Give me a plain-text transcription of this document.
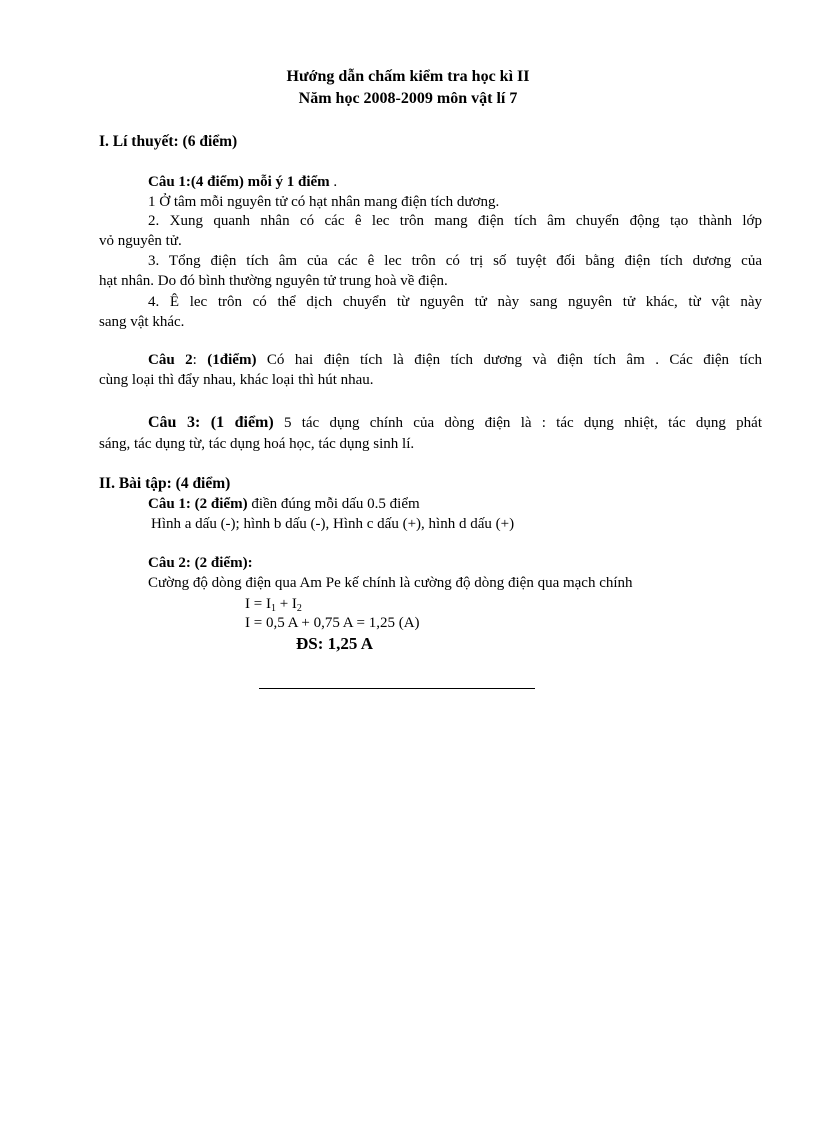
Hướng dẫn chấm kiểm tra học kì II
Năm học 2008-2009 môn vật lí 7
I. Lí thuyết: (6 điểm)
Câu 1:(4 điểm) mỗi ý 1 điểm .
1 Ở tâm mỗi nguyên tử có hạt nhân mang điện tích dương.
2. Xung quanh nhân có các ê lec trôn mang điện tích âm chuyển động tạo thành lớp
vỏ nguyên tử.
3. Tổng điện tích âm của các ê lec trôn có trị số tuyệt đối bằng điện tích dương của
hạt nhân. Do đó bình thường nguyên tử trung hoà về điện.
4. Ê lec trôn có thể dịch chuyển từ nguyên tử này sang nguyên tử khác, từ vật này
sang vật khác.
Câu 2: (1điểm) Có hai điện tích là điện tích dương và điện tích âm . Các điện tích
cùng loại thì đẩy nhau, khác loại thì hút nhau.
Câu 3: (1 điểm) 5 tác dụng chính của dòng điện là : tác dụng nhiệt, tác dụng phát
sáng, tác dụng từ, tác dụng hoá học, tác dụng sinh lí.
II. Bài tập: (4 điểm)
Câu 1: (2 điểm) điền đúng mỗi dấu 0.5 điểm
Hình a dấu (-); hình b dấu (-), Hình c dấu (+), hình d dấu (+)
Câu 2: (2 điểm):
Cường độ dòng điện qua Am Pe kế chính là cường độ dòng điện qua mạch chính
$I = I_1 + I_2$
I = 0,5 A + 0,75 A = 1,25 (A)
ĐS: 1,25 A
